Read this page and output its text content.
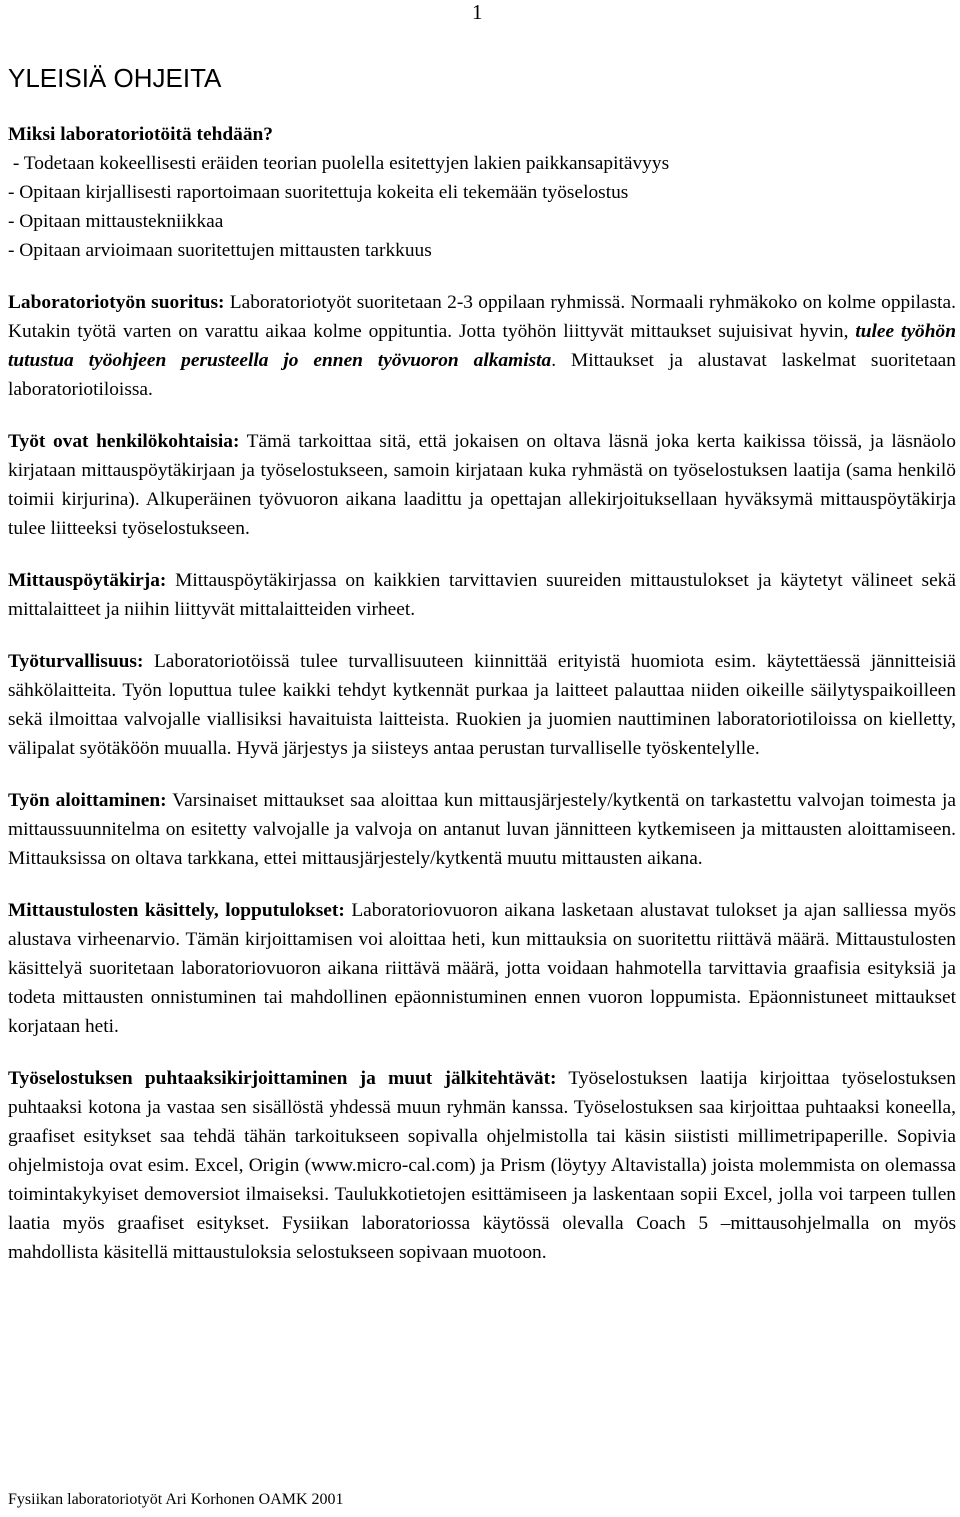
1
YLEISIÄ OHJEITA
Miksi laboratoriotöitä tehdään?
- Todetaan kokeellisesti eräiden teorian puolella esitettyjen lakien paikkansapitävyys
- Opitaan kirjallisesti raportoimaan suoritettuja kokeita eli tekemään työselostus
- Opitaan mittaustekniikkaa
- Opitaan arvioimaan suoritettujen mittausten tarkkuus

Laboratoriotyön suoritus: Laboratoriotyöt suoritetaan 2-3 oppilaan ryhmissä. Normaali ryhmäkoko on kolme oppilasta. Kutakin työtä varten on varattu aikaa kolme oppituntia. Jotta työhön liittyvät mittaukset sujuisivat hyvin, tulee työhön tutustua työohjeen perusteella jo ennen työvuoron alkamista. Mittaukset ja alustavat laskelmat suoritetaan laboratoriotiloissa.

Työt ovat henkilökohtaisia: Tämä tarkoittaa sitä, että jokaisen on oltava läsnä joka kerta kaikissa töissä, ja läsnäolo kirjataan mittauspöytäkirjaan ja työselostukseen, samoin kirjataan kuka ryhmästä on työselostuksen laatija (sama henkilö toimii kirjurina). Alkuperäinen työvuoron aikana laadittu ja opettajan allekirjoituksellaan hyväksymä mittauspöytäkirja tulee liitteeksi työselostukseen.

Mittauspöytäkirja: Mittauspöytäkirjassa on kaikkien tarvittavien suureiden mittaustulokset ja käytetyt välineet sekä mittalaitteet ja niihin liittyvät mittalaitteiden virheet.

Työturvallisuus: Laboratoriotöissä tulee turvallisuuteen kiinnittää erityistä huomiota esim. käytettäessä jännitteisiä sähkölaitteita. Työn loputtua tulee kaikki tehdyt kytkennät purkaa ja laitteet palauttaa niiden oikeille säilytyspaikoilleen sekä ilmoittaa valvojalle viallisiksi havaituista laitteista. Ruokien ja juomien nauttiminen laboratoriotiloissa on kielletty, välipalat syötäköön muualla. Hyvä järjestys ja siisteys antaa perustan turvalliselle työskentelylle.

Työn aloittaminen: Varsinaiset mittaukset saa aloittaa kun mittausjärjestely/kytkentä on tarkastettu valvojan toimesta ja mittaussuunnitelma on esitetty valvojalle ja valvoja on antanut luvan jännitteen kytkemiseen ja mittausten aloittamiseen. Mittauksissa on oltava tarkkana, ettei mittausjärjestely/kytkentä muutu mittausten aikana.

Mittaustulosten käsittely, lopputulokset: Laboratoriovuoron aikana lasketaan alustavat tulokset ja ajan salliessa myös alustava virheenarvio. Tämän kirjoittamisen voi aloittaa heti, kun mittauksia on suoritettu riittävä määrä. Mittaustulosten käsittelyä suoritetaan laboratoriovuoron aikana riittävä määrä, jotta voidaan hahmotella tarvittavia graafisia esityksiä ja todeta mittausten onnistuminen tai mahdollinen epäonnistuminen ennen vuoron loppumista. Epäonnistuneet mittaukset korjataan heti.

Työselostuksen puhtaaksikirjoittaminen ja muut jälkitehtävät: Työselostuksen laatija kirjoittaa työselostuksen puhtaaksi kotona ja vastaa sen sisällöstä yhdessä muun ryhmän kanssa. Työselostuksen saa kirjoittaa puhtaaksi koneella, graafiset esitykset saa tehdä tähän tarkoitukseen sopivalla ohjelmistolla tai käsin siististi millimetripaperille. Sopivia ohjelmistoja ovat esim. Excel, Origin (www.micro-cal.com) ja Prism (löytyy Altavistalla) joista molemmista on olemassa toimintakykyiset demoversiot ilmaiseksi. Taulukkotietojen esittämiseen ja laskentaan sopii Excel, jolla voi tarpeen tullen laatia myös graafiset esitykset. Fysiikan laboratoriossa käytössä olevalla Coach 5 –mittausohjelmalla on myös mahdollista käsitellä mittaustuloksia selostukseen sopivaan muotoon.

Fysiikan laboratoriotyöt Ari Korhonen OAMK 2001
